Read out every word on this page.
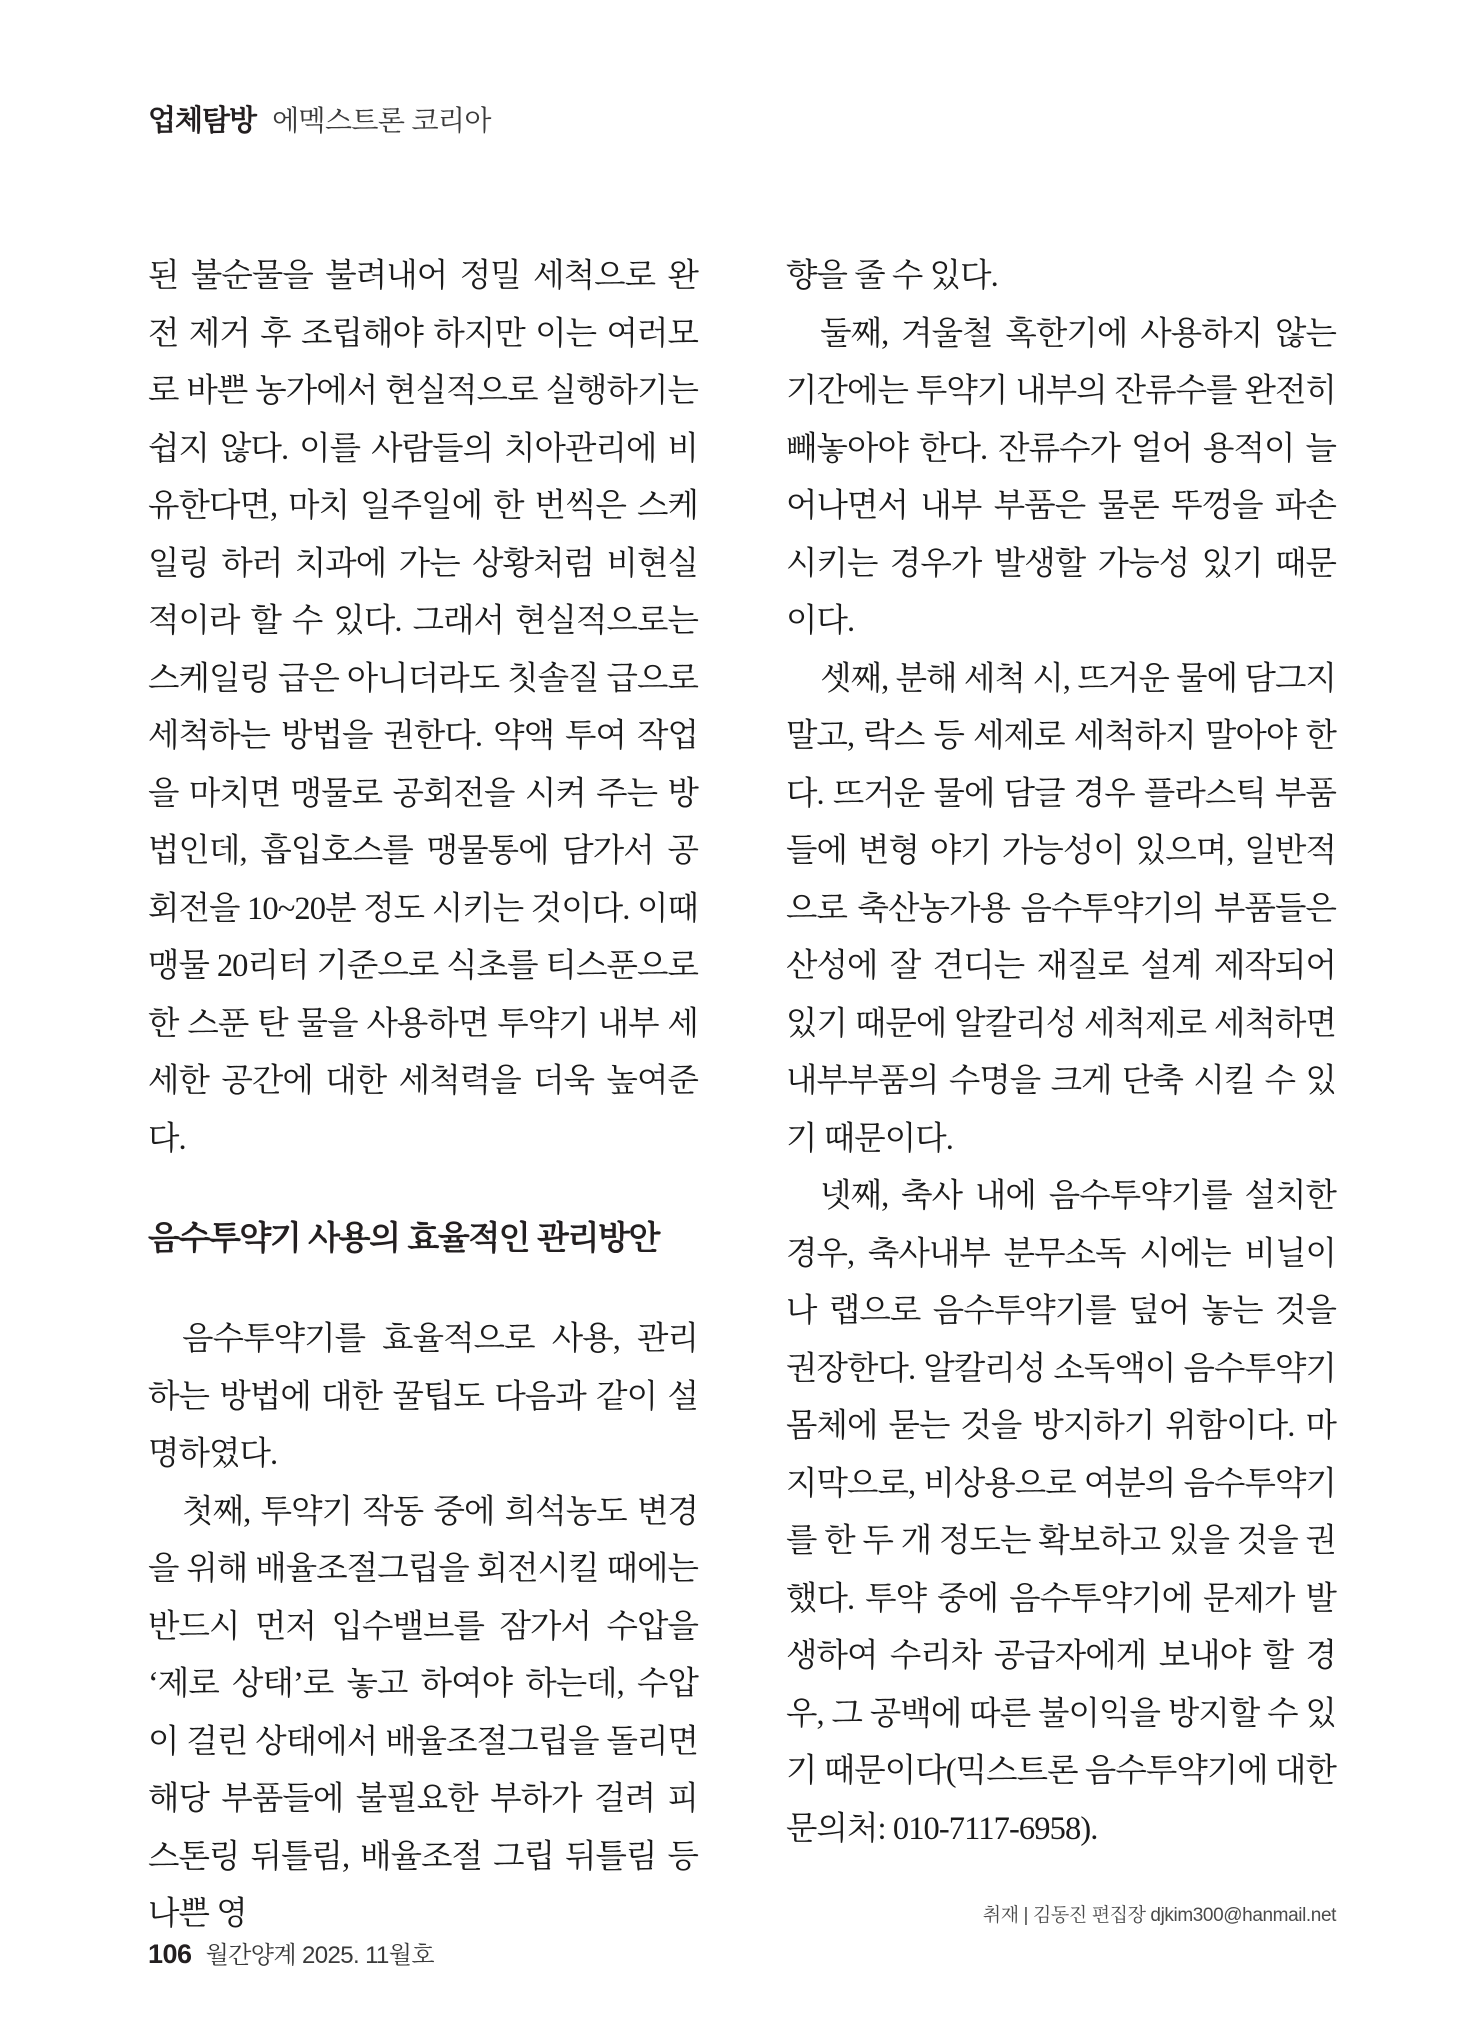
업체탐방 에멕스트론 코리아

된 불순물을 불려내어 정밀 세척으로 완전 제거 후 조립해야 하지만 이는 여러모로 바쁜 농가에서 현실적으로 실행하기는 쉽지 않다. 이를 사람들의 치아관리에 비유한다면, 마치 일주일에 한 번씩은 스케일링 하러 치과에 가는 상황처럼 비현실적이라 할 수 있다. 그래서 현실적으로는 스케일링 급은 아니더라도 칫솔질 급으로 세척하는 방법을 권한다. 약액 투여 작업을 마치면 맹물로 공회전을 시켜 주는 방법인데, 흡입호스를 맹물통에 담가서 공회전을 10~20분 정도 시키는 것이다. 이때 맹물 20리터 기준으로 식초를 티스푼으로 한 스푼 탄 물을 사용하면 투약기 내부 세세한 공간에 대한 세척력을 더욱 높여준다.

음수투약기 사용의 효율적인 관리방안

음수투약기를 효율적으로 사용, 관리하는 방법에 대한 꿀팁도 다음과 같이 설명하였다.

첫째, 투약기 작동 중에 희석농도 변경을 위해 배율조절그립을 회전시킬 때에는 반드시 먼저 입수밸브를 잠가서 수압을 ‘제로 상태’로 놓고 하여야 하는데, 수압이 걸린 상태에서 배율조절그립을 돌리면 해당 부품들에 불필요한 부하가 걸려 피스톤링 뒤틀림, 배율조절 그립 뒤틀림 등 나쁜 영

향을 줄 수 있다.

둘째, 겨울철 혹한기에 사용하지 않는 기간에는 투약기 내부의 잔류수를 완전히 빼놓아야 한다. 잔류수가 얼어 용적이 늘어나면서 내부 부품은 물론 뚜껑을 파손시키는 경우가 발생할 가능성 있기 때문이다.

셋째, 분해 세척 시, 뜨거운 물에 담그지 말고, 락스 등 세제로 세척하지 말아야 한다. 뜨거운 물에 담글 경우 플라스틱 부품들에 변형 야기 가능성이 있으며, 일반적으로 축산농가용 음수투약기의 부품들은 산성에 잘 견디는 재질로 설계 제작되어 있기 때문에 알칼리성 세척제로 세척하면 내부부품의 수명을 크게 단축 시킬 수 있기 때문이다.

넷째, 축사 내에 음수투약기를 설치한 경우, 축사내부 분무소독 시에는 비닐이나 랩으로 음수투약기를 덮어 놓는 것을 권장한다. 알칼리성 소독액이 음수투약기 몸체에 묻는 것을 방지하기 위함이다. 마지막으로, 비상용으로 여분의 음수투약기를 한 두 개 정도는 확보하고 있을 것을 권했다. 투약 중에 음수투약기에 문제가 발생하여 수리차 공급자에게 보내야 할 경우, 그 공백에 따른 불이익을 방지할 수 있기 때문이다(믹스트론 음수투약기에 대한 문의처: 010-7117-6958).

취재 | 김동진 편집장 djkim300@hanmail.net

106 월간양계 2025. 11월호
